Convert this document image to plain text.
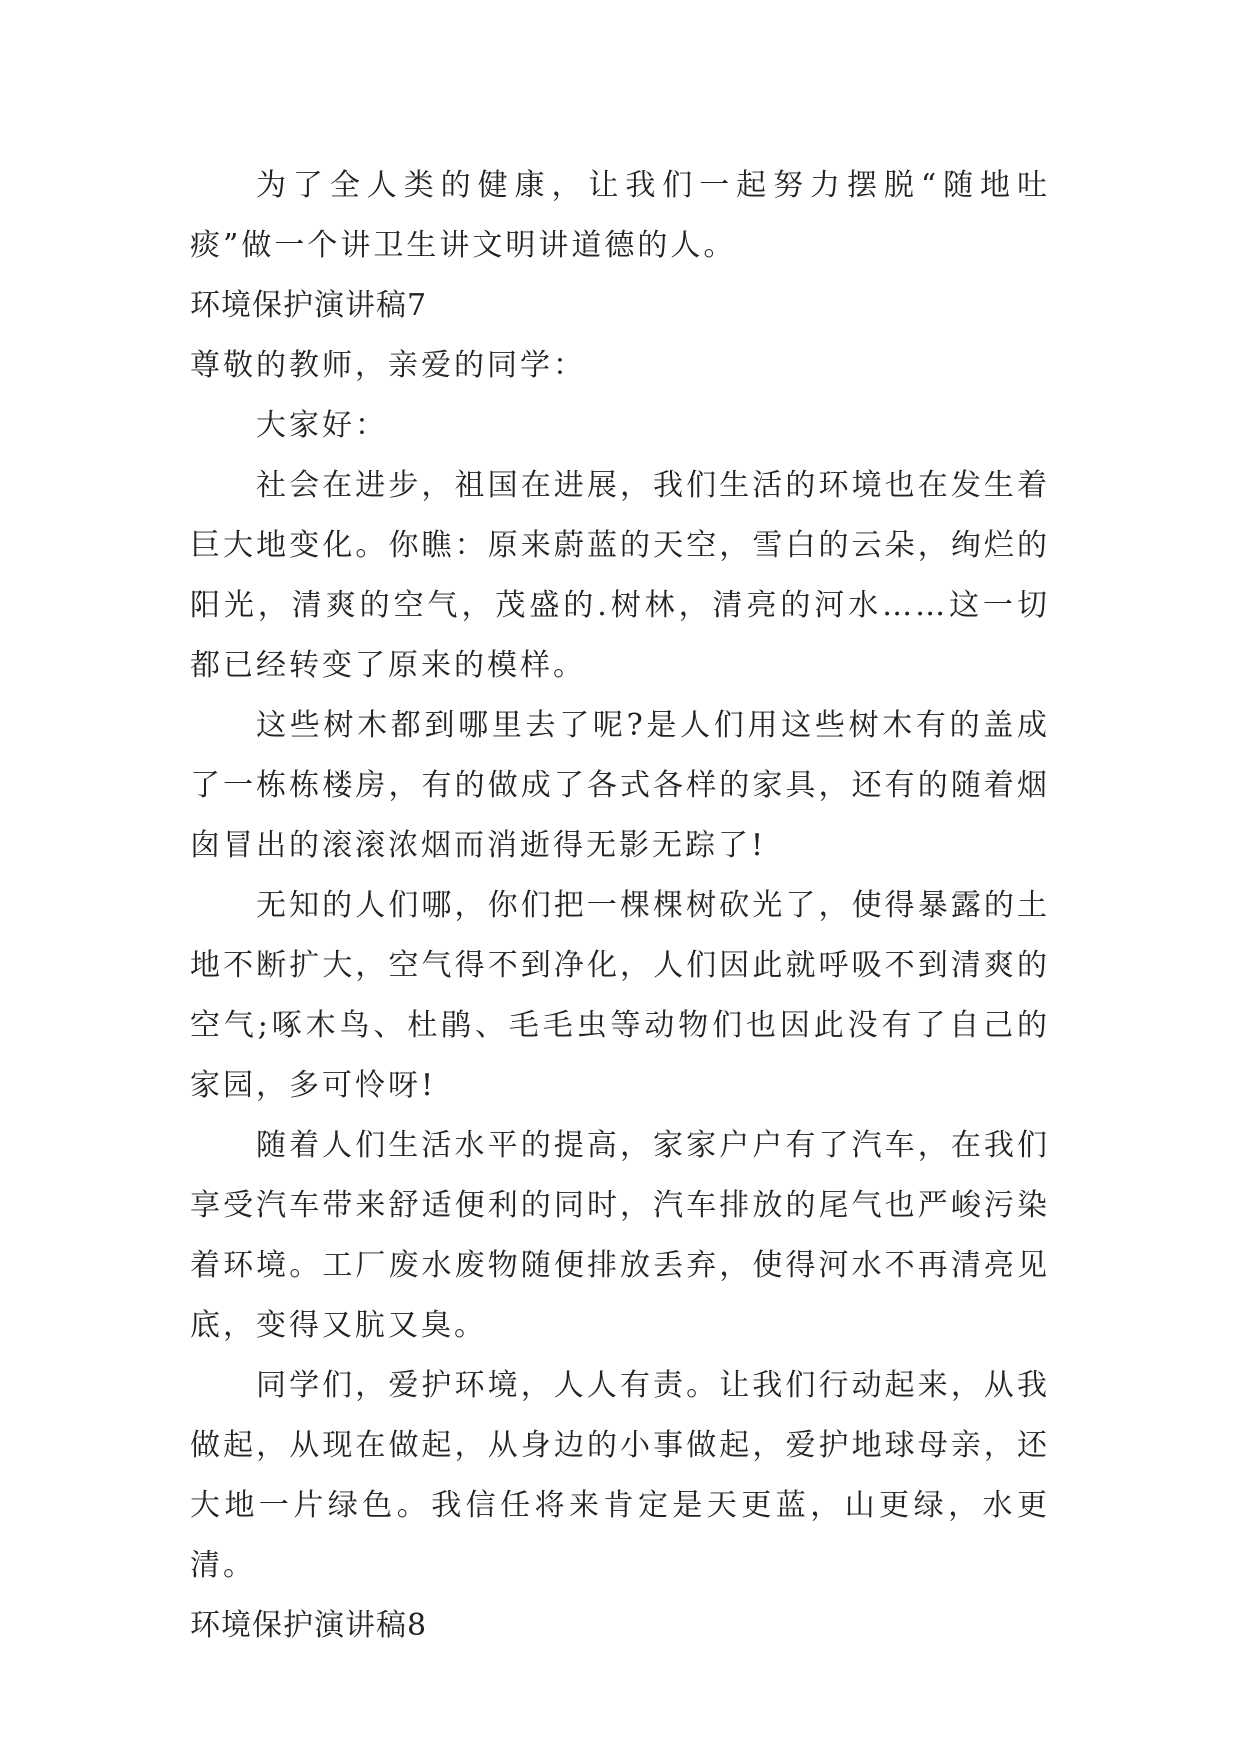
为了全人类的健康，让我们一起努力摆脱“随地吐痰”做一个讲卫生讲文明讲道德的人。

环境保护演讲稿7

尊敬的教师，亲爱的同学：

大家好：

社会在进步，祖国在进展，我们生活的环境也在发生着巨大地变化。你瞧：原来蔚蓝的天空，雪白的云朵，绚烂的阳光，清爽的空气，茂盛的.树林，清亮的河水……这一切都已经转变了原来的模样。

这些树木都到哪里去了呢?是人们用这些树木有的盖成了一栋栋楼房，有的做成了各式各样的家具，还有的随着烟囱冒出的滚滚浓烟而消逝得无影无踪了!

无知的人们哪，你们把一棵棵树砍光了，使得暴露的土地不断扩大，空气得不到净化，人们因此就呼吸不到清爽的空气;啄木鸟、杜鹃、毛毛虫等动物们也因此没有了自己的家园，多可怜呀!

随着人们生活水平的提高，家家户户有了汽车，在我们享受汽车带来舒适便利的同时，汽车排放的尾气也严峻污染着环境。工厂废水废物随便排放丢弃，使得河水不再清亮见底，变得又肮又臭。

同学们，爱护环境，人人有责。让我们行动起来，从我做起，从现在做起，从身边的小事做起，爱护地球母亲，还大地一片绿色。我信任将来肯定是天更蓝，山更绿，水更清。

环境保护演讲稿8
